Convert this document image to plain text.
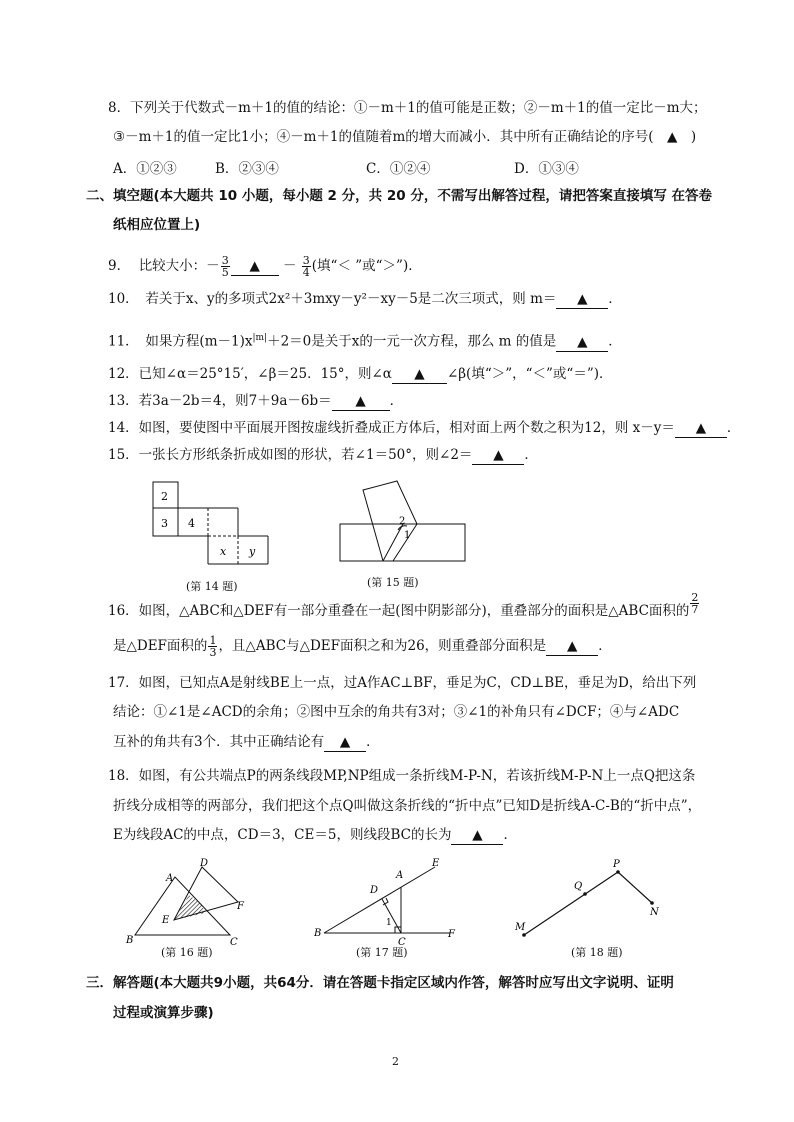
8．下列关于代数式－m＋1的值的结论：①－m＋1的值可能是正数；②－m＋1的值一定比－m大；
③－m＋1的值一定比1小；④－m＋1的值随着m的增大而减小．其中所有正确结论的序号(　▲　)
A．①②③	B．②③④	C．①②④	D．①③④
二、填空题(本大题共 10 小题，每小题 2 分，共 20 分，不需写出解答过程，请把答案直接填写 在答卷
纸相应位置上)
9． 比较大小：－ $\frac{3}{5}$ ▲ － $\frac{3}{4}$ (填“＜ ”或“＞”)．
10．　若关于x、y的多项式2x²＋3mxy－y²－xy－5是二次三项式，则 m＝ ▲ ．
11．　如果方程$(m-1)x^{|m|}+2=0$是关于x的一元一次方程，那么 m 的值是 ▲ ．
12．已知∠α＝25°15′，∠β＝25．15°，则∠α ▲ ∠β(填“＞”，“＜”或“＝”)．
13．若3a－2b＝4，则7＋9a－6b＝ ▲ ．
14．如图，要使图中平面展开图按虚线折叠成正方体后，相对面上两个数之积为12，则 x－y＝ ▲ ．
15．一张长方形纸条折成如图的形状，若∠1＝50°，则∠2＝ ▲ ．
2
3 4
x y
(第 14 题)
2
1
(第 15 题)
16．如图，△ABC和△DEF有一部分重叠在一起(图中阴影部分)，重叠部分的面积是△ABC面积的 $\frac{2}{7}$
是△DEF面积的 $\frac{1}{3}$ ，且△ABC与△DEF面积之和为26，则重叠部分面积是 ▲ ．
17．如图，已知点A是射线BE上一点，过A作AC⊥BF，垂足为C，CD⊥BE，垂足为D，给出下列
结论：①∠1是∠ACD的余角；②图中互余的角共有3对；③∠1的补角只有∠DCF；④与∠ADC
互补的角共有3个．其中正确结论有 ▲ ．
18．如图，有公共端点P的两条线段MP,NP组成一条折线M-P-N，若该折线M-P-N上一点Q把这条
折线分成相等的两部分，我们把这个点Q叫做这条折线的“折中点”已知D是折线A-C-B的“折中点”，
E为线段AC的中点，CD＝3，CE＝5，则线段BC的长为 ▲ ．
D
A
F
E
B	C
(第 16 题)
E
A
D
1
B
C
F
(第 17 题)
P
Q
N
M
(第 18 题)
三．解答题(本大题共9小题，共64分．请在答题卡指定区域内作答，解答时应写出文字说明、证明
过程或演算步骤)
2
